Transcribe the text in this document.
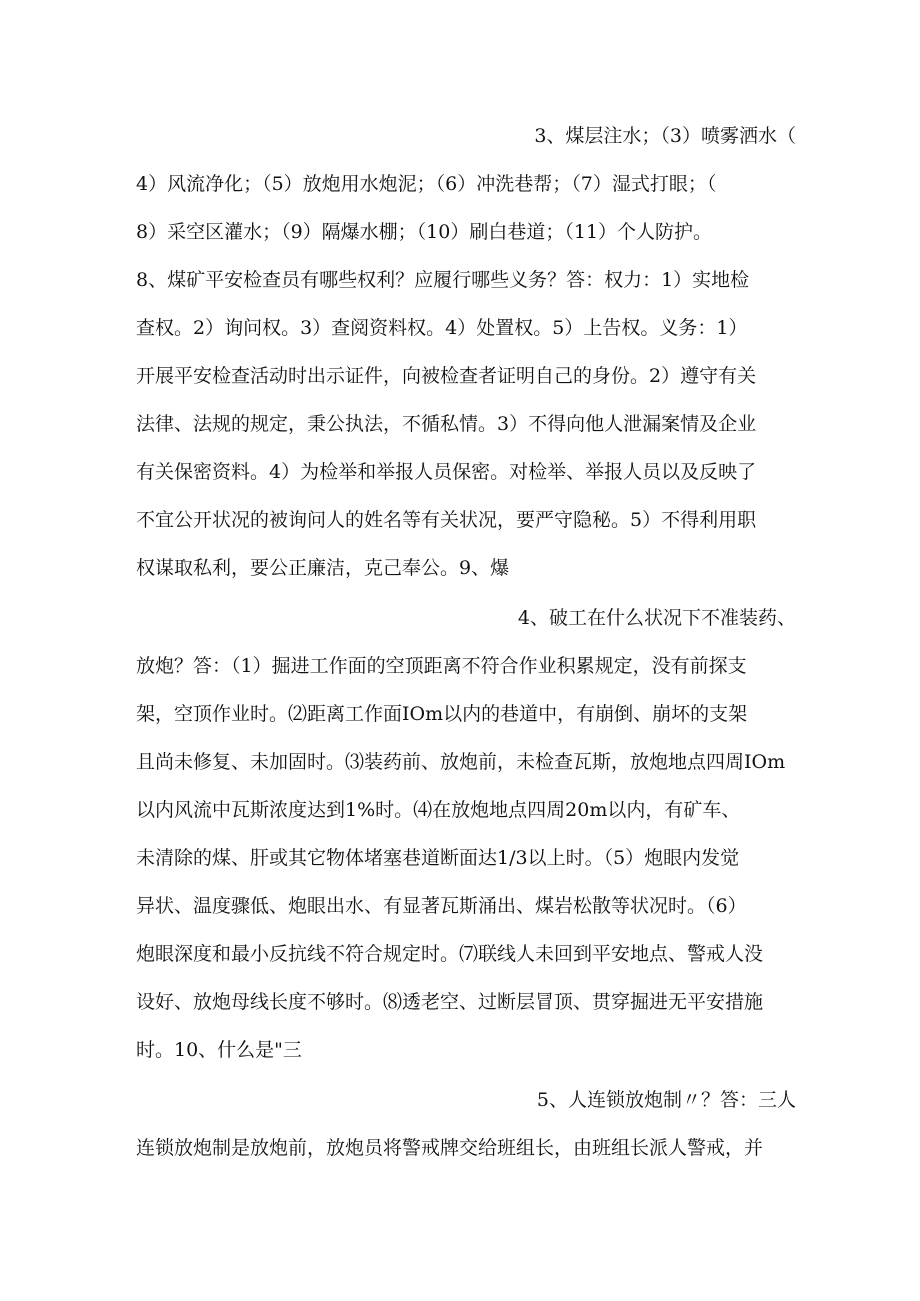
3、煤层注水；（3）喷雾洒水（
4）风流净化；（5）放炮用水炮泥；（6）冲洗巷帮；（7）湿式打眼；（
8）采空区灌水；（9）隔爆水棚；（10）刷白巷道；（11）个人防护。
8、煤矿平安检查员有哪些权利？应履行哪些义务？答：权力：1）实地检
查权。2）询问权。3）查阅资料权。4）处置权。5）上告权。义务：1）
开展平安检查活动时出示证件，向被检查者证明自己的身份。2）遵守有关
法律、法规的规定，秉公执法，不循私情。3）不得向他人泄漏案情及企业
有关保密资料。4）为检举和举报人员保密。对检举、举报人员以及反映了
不宜公开状况的被询问人的姓名等有关状况，要严守隐秘。5）不得利用职
权谋取私利，要公正廉洁，克己奉公。9、爆
4、破工在什么状况下不准装药、
放炮？答：（1）掘进工作面的空顶距离不符合作业积累规定，没有前探支
架，空顶作业时。⑵距离工作面IOm以内的巷道中，有崩倒、崩坏的支架
且尚未修复、未加固时。⑶装药前、放炮前，未检查瓦斯，放炮地点四周IOm
以内风流中瓦斯浓度达到1%时。⑷在放炮地点四周20m以内，有矿车、
未清除的煤、肝或其它物体堵塞巷道断面达1/3以上时。（5）炮眼内发觉
异状、温度骤低、炮眼出水、有显著瓦斯涌出、煤岩松散等状况时。（6）
炮眼深度和最小反抗线不符合规定时。⑺联线人未回到平安地点、警戒人没
设好、放炮母线长度不够时。⑻透老空、过断层冒顶、贯穿掘进无平安措施
时。10、什么是"三
5、人连锁放炮制〃？答：三人
连锁放炮制是放炮前，放炮员将警戒牌交给班组长，由班组长派人警戒，并
